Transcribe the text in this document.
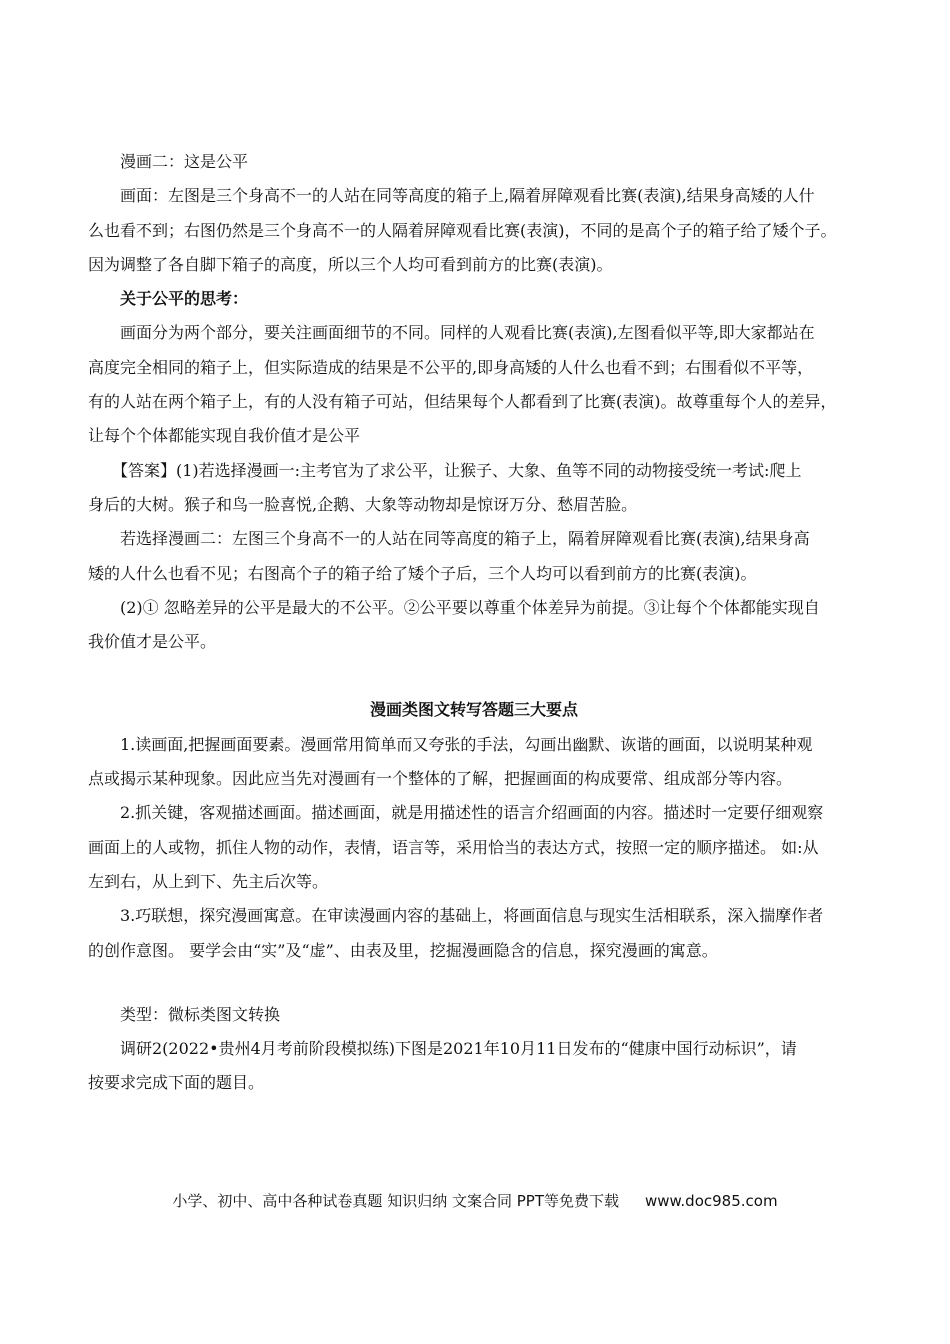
漫画二：这是公平

画面：左图是三个身高不一的人站在同等高度的箱子上,隔着屏障观看比赛(表演),结果身高矮的人什
么也看不到；右图仍然是三个身高不一的人隔着屏障观看比赛(表演)，不同的是高个子的箱子给了矮个子。
因为调整了各自脚下箱子的高度，所以三个人均可看到前方的比赛(表演)。

关于公平的思考：

画面分为两个部分，要关注画面细节的不同。同样的人观看比赛(表演),左图看似平等,即大家都站在
高度完全相同的箱子上，但实际造成的结果是不公平的,即身高矮的人什么也看不到；右围看似不平等，
有的人站在两个箱子上，有的人没有箱子可站，但结果每个人都看到了比赛(表演)。故尊重每个人的差异，
让每个个体都能实现自我价值才是公平

【答案】(1)若选择漫画一:主考官为了求公平，让猴子、大象、鱼等不同的动物接受统一考试:爬上
身后的大树。猴子和鸟一脸喜悦,企鹅、大象等动物却是惊讶万分、愁眉苦脸。

若选择漫画二：左图三个身高不一的人站在同等高度的箱子上，隔着屏障观看比赛(表演),结果身高
矮的人什么也看不见；右图高个子的箱子给了矮个子后，三个人均可以看到前方的比赛(表演)。

(2)① 忽略差异的公平是最大的不公平。②公平要以尊重个体差异为前提。③让每个个体都能实现自
我价值才是公平。

漫画类图文转写答题三大要点

1.读画面,把握画面要素。漫画常用简单而又夸张的手法，勾画出幽默、诙谐的画面，以说明某种观
点或揭示某种现象。因此应当先对漫画有一个整体的了解，把握画面的构成要常、组成部分等内容。

2.抓关键，客观描述画面。描述画面，就是用描述性的语言介绍画面的内容。描述时一定要仔细观察
画面上的人或物，抓住人物的动作，表情，语言等，采用恰当的表达方式，按照一定的顺序描述。 如:从
左到右，从上到下、先主后次等。

3.巧联想，探究漫画寓意。在审读漫画内容的基础上，将画面信息与现实生活相联系，深入揣摩作者
的创作意图。 要学会由“实”及“虚”、由表及里，挖掘漫画隐含的信息，探究漫画的寓意。

类型：微标类图文转换

调研2(2022•贵州4月考前阶段模拟练)下图是2021年10月11日发布的“健康中国行动标识”，请
按要求完成下面的题目。

小学、初中、高中各种试卷真题 知识归纳 文案合同 PPT等免费下载 www.doc985.com
